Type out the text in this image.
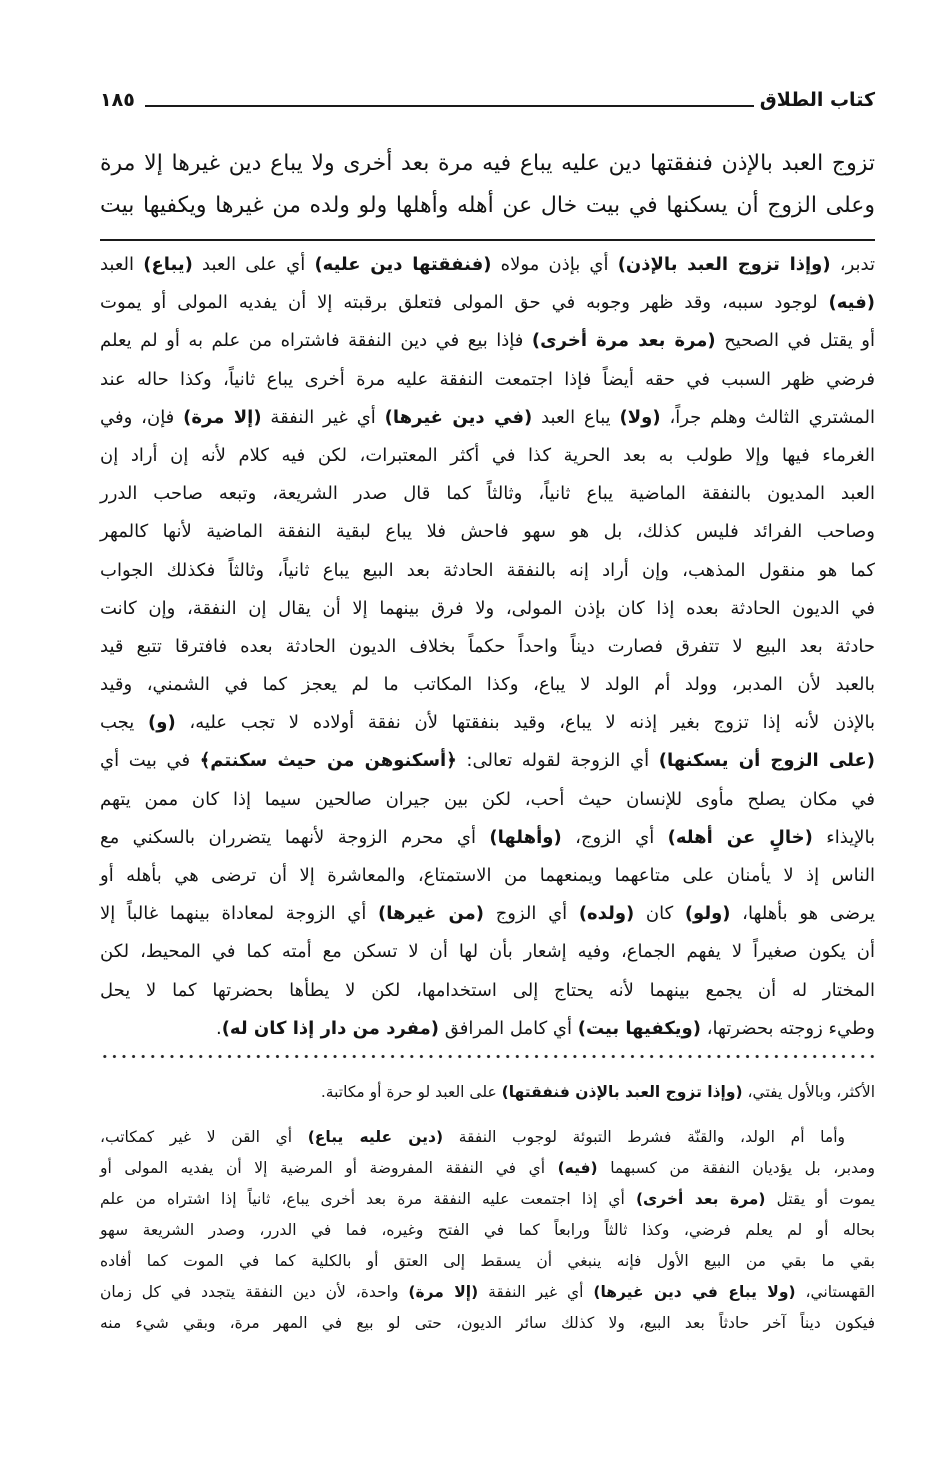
كتاب الطلاق
١٨٥
تزوج العبد بالإذن فنفقتها دين عليه يباع فيه مرة بعد أخرى ولا يباع دين غيرها إلا مرة
وعلى الزوج أن يسكنها في بيت خال عن أهله وأهلها ولو ولده من غيرها ويكفيها بيت
تدبر، (وإذا تزوج العبد بالإذن) أي بإذن مولاه (فنفقتها دين عليه) أي على العبد (يباع) العبد
(فيه) لوجود سببه، وقد ظهر وجوبه في حق المولى فتعلق برقبته إلا أن يفديه المولى أو يموت
أو يقتل في الصحيح (مرة بعد مرة أخرى) فإذا بيع في دين النفقة فاشتراه من علم به أو لم يعلم
فرضي ظهر السبب في حقه أيضاً فإذا اجتمعت النفقة عليه مرة أخرى يباع ثانياً، وكذا حاله عند
المشتري الثالث وهلم جراً، (ولا) يباع العبد (في دين غيرها) أي غير النفقة (إلا مرة) فإن، وفي
الغرماء فيها وإلا طولب به بعد الحرية كذا في أكثر المعتبرات، لكن فيه كلام لأنه إن أراد إن
العبد المديون بالنفقة الماضية يباع ثانياً، وثالثاً كما قال صدر الشريعة، وتبعه صاحب الدرر
وصاحب الفرائد فليس كذلك، بل هو سهو فاحش فلا يباع لبقية النفقة الماضية لأنها كالمهر
كما هو منقول المذهب، وإن أراد إنه بالنفقة الحادثة بعد البيع يباع ثانياً، وثالثاً فكذلك الجواب
في الديون الحادثة بعده إذا كان بإذن المولى، ولا فرق بينهما إلا أن يقال إن النفقة، وإن كانت
حادثة بعد البيع لا تتفرق فصارت ديناً واحداً حكماً بخلاف الديون الحادثة بعده فافترقا تتبع قيد
بالعبد لأن المدبر، وولد أم الولد لا يباع، وكذا المكاتب ما لم يعجز كما في الشمني، وقيد
بالإذن لأنه إذا تزوج بغير إذنه لا يباع، وقيد بنفقتها لأن نفقة أولاده لا تجب عليه، (و) يجب
(على الزوج أن يسكنها) أي الزوجة لقوله تعالى: ﴿أسكنوهن من حيث سكنتم﴾ في بيت أي
في مكان يصلح مأوى للإنسان حيث أحب، لكن بين جيران صالحين سيما إذا كان ممن يتهم
بالإيذاء (خالٍ عن أهله) أي الزوج، (وأهلها) أي محرم الزوجة لأنهما يتضرران بالسكني مع
الناس إذ لا يأمنان على متاعهما ويمنعهما من الاستمتاع، والمعاشرة إلا أن ترضى هي بأهله أو
يرضى هو بأهلها، (ولو) كان (ولده) أي الزوج (من غيرها) أي الزوجة لمعاداة بينهما غالباً إلا
أن يكون صغيراً لا يفهم الجماع، وفيه إشعار بأن لها أن لا تسكن مع أمته كما في المحيط، لكن
المختار له أن يجمع بينهما لأنه يحتاج إلى استخدامها، لكن لا يطأها بحضرتها كما لا يحل
وطيء زوجته بحضرتها، (ويكفيها بيت) أي كامل المرافق (مفرد من دار إذا كان له).
الأكثر، وبالأول يفتي، (وإذا تزوج العبد بالإذن فنفقتها) على العبد لو حرة أو مكاتبة.
وأما أم الولد، والقنّة فشرط التبوئة لوجوب النفقة (دين عليه يباع) أي القن لا غير كمكاتب،
ومدبر، بل يؤديان النفقة من كسبهما (فيه) أي في النفقة المفروضة أو المرضية إلا أن يفديه المولى أو
يموت أو يقتل (مرة بعد أخرى) أي إذا اجتمعت عليه النفقة مرة بعد أخرى يباع، ثانياً إذا اشتراه من علم
بحاله أو لم يعلم فرضي، وكذا ثالثاً ورابعاً كما في الفتح وغيره، فما في الدرر، وصدر الشريعة سهو
بقي ما بقي من البيع الأول فإنه ينبغي أن يسقط إلى العتق أو بالكلية كما في الموت كما أفاده
القهستاني، (ولا يباع في دين غيرها) أي غير النفقة (إلا مرة) واحدة، لأن دين النفقة يتجدد في كل زمان
فيكون ديناً آخر حادثاً بعد البيع، ولا كذلك سائر الديون، حتى لو بيع في المهر مرة، وبقي شيء منه
